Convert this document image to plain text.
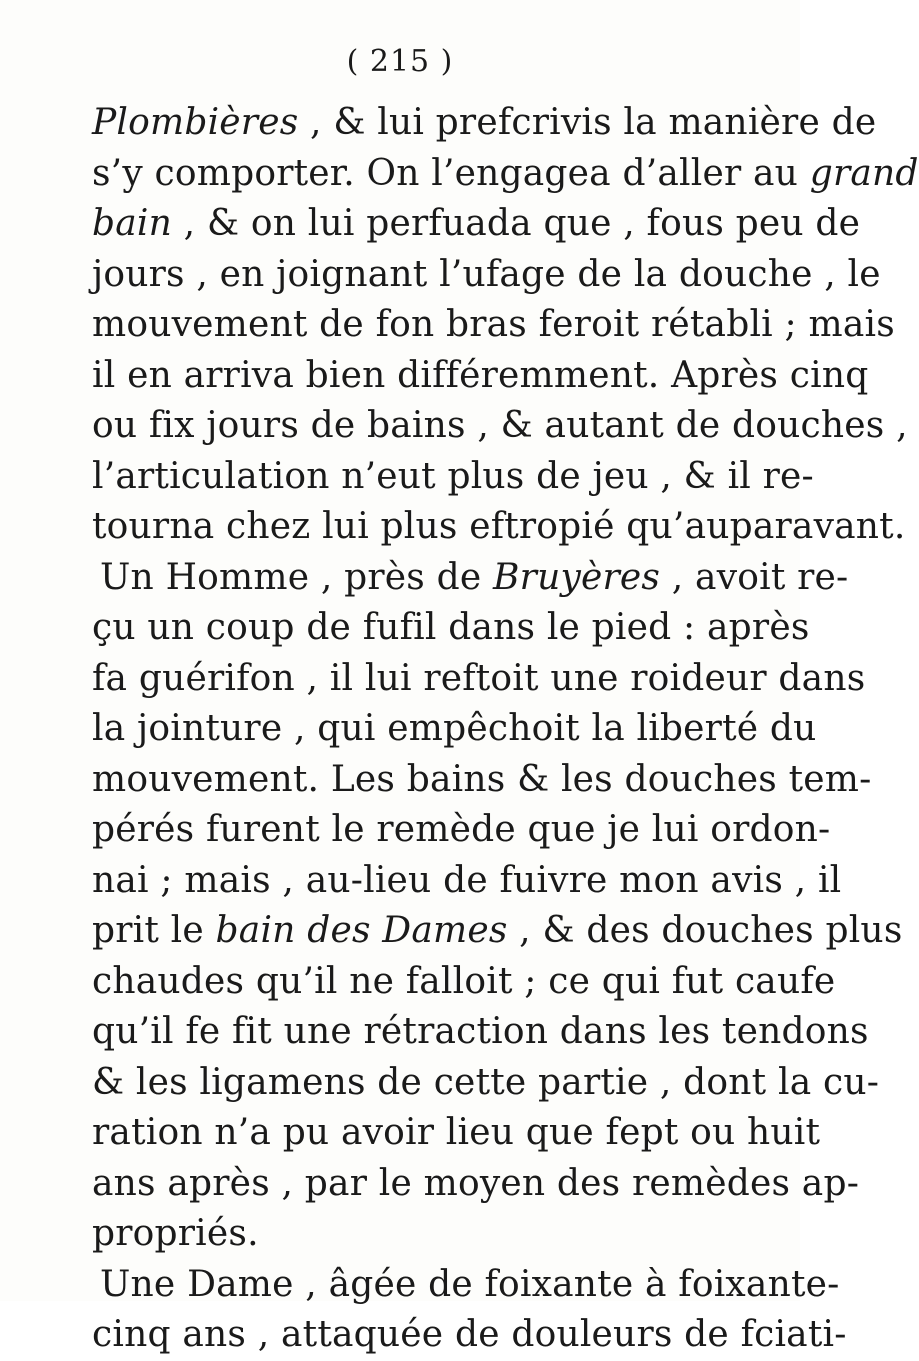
( 215 )
Plombières , & lui prefcrivis la manière de
s’y comporter. On l’engagea d’aller au grand
bain , & on lui perfuada que , fous peu de
jours , en joignant l’ufage de la douche , le
mouvement de fon bras feroit rétabli ; mais
il en arriva bien différemment. Après cinq
ou fix jours de bains , & autant de douches ,
l’articulation n’eut plus de jeu , & il re-
tourna chez lui plus eftropié qu’auparavant.
Un Homme , près de Bruyères , avoit re-
çu un coup de fufil dans le pied : après
fa guérifon , il lui reftoit une roideur dans
la jointure , qui empêchoit la liberté du
mouvement. Les bains & les douches tem-
pérés furent le remède que je lui ordon-
nai ; mais , au-lieu de fuivre mon avis , il
prit le bain des Dames , & des douches plus
chaudes qu’il ne falloit ; ce qui fut caufe
qu’il fe fit une rétraction dans les tendons
& les ligamens de cette partie , dont la cu-
ration n’a pu avoir lieu que fept ou huit
ans après , par le moyen des remèdes ap-
propriés.
Une Dame , âgée de foixante à foixante-
cinq ans , attaquée de douleurs de fciati-
